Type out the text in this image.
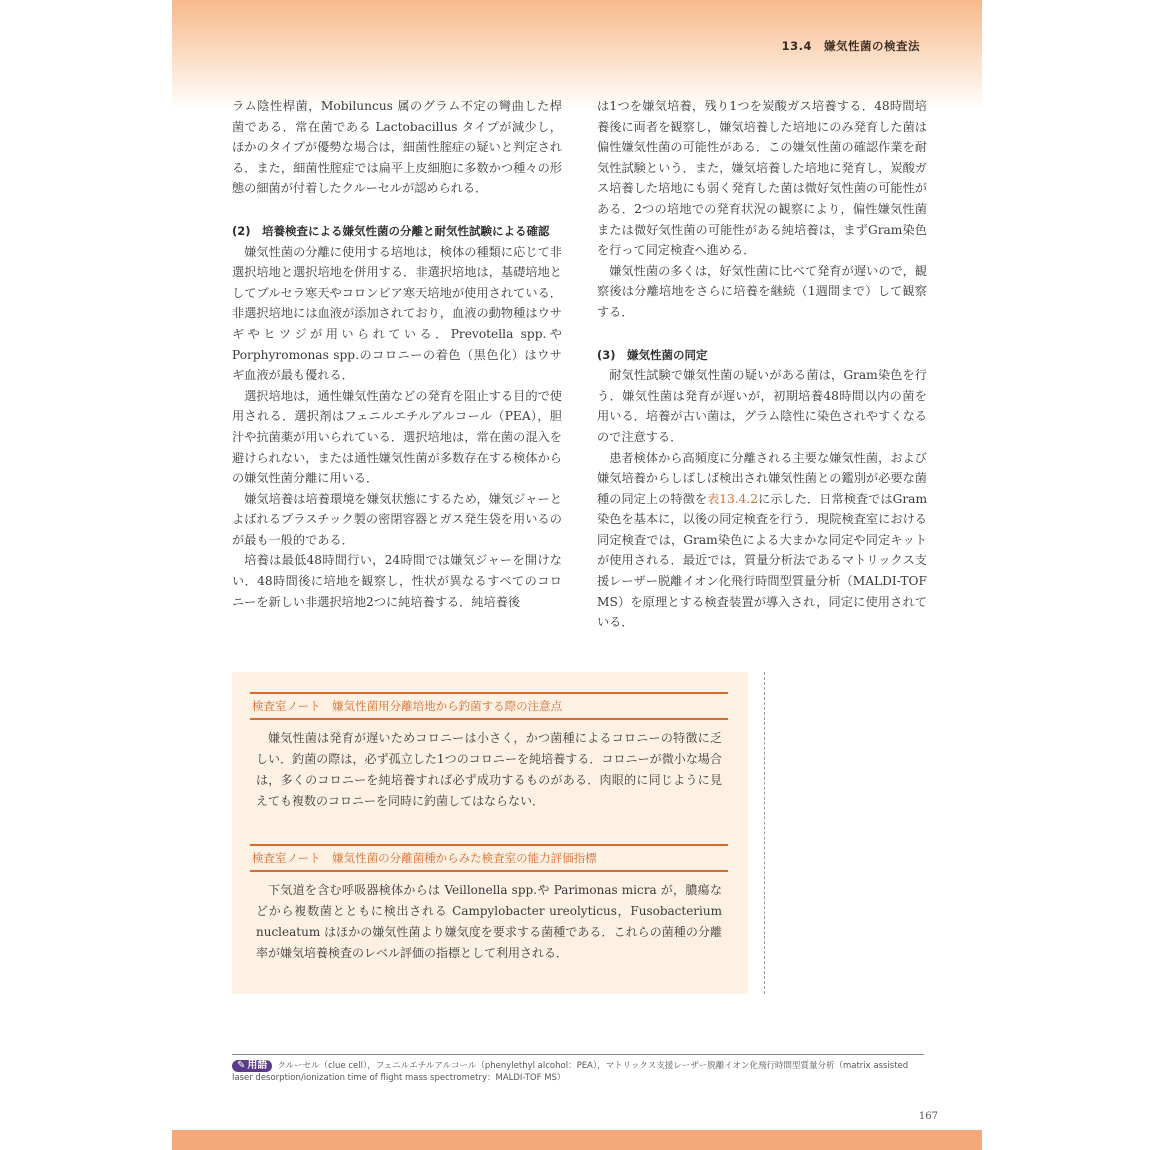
13.4　嫌気性菌の検査法

ラム陰性桿菌，Mobiluncus 属のグラム不定の彎曲した桿菌である．常在菌である Lactobacillus タイプが減少し，ほかのタイプが優勢な場合は，細菌性腟症の疑いと判定される．また，細菌性腟症では扁平上皮細胞に多数かつ種々の形態の細菌が付着したクルーセルが認められる．

(2)　培養検査による嫌気性菌の分離と耐気性試験による確認

嫌気性菌の分離に使用する培地は，検体の種類に応じて非選択培地と選択培地を併用する．非選択培地は，基礎培地としてブルセラ寒天やコロンビア寒天培地が使用されている．非選択培地には血液が添加されており，血液の動物種はウサギやヒツジが用いられている．Prevotella spp.や Porphyromonas spp.のコロニーの着色（黒色化）はウサギ血液が最も優れる．

選択培地は，通性嫌気性菌などの発育を阻止する目的で使用される．選択剤はフェニルエチルアルコール（PEA），胆汁や抗菌薬が用いられている．選択培地は，常在菌の混入を避けられない，または通性嫌気性菌が多数存在する検体からの嫌気性菌分離に用いる．

嫌気培養は培養環境を嫌気状態にするため，嫌気ジャーとよばれるプラスチック製の密閉容器とガス発生袋を用いるのが最も一般的である．

培養は最低48時間行い，24時間では嫌気ジャーを開けない．48時間後に培地を観察し，性状が異なるすべてのコロニーを新しい非選択培地2つに純培養する．純培養後

は1つを嫌気培養，残り1つを炭酸ガス培養する．48時間培養後に両者を観察し，嫌気培養した培地にのみ発育した菌は偏性嫌気性菌の可能性がある．この嫌気性菌の確認作業を耐気性試験という．また，嫌気培養した培地に発育し，炭酸ガス培養した培地にも弱く発育した菌は微好気性菌の可能性がある．2つの培地での発育状況の観察により，偏性嫌気性菌または微好気性菌の可能性がある純培養は，まずGram染色を行って同定検査へ進める．

嫌気性菌の多くは，好気性菌に比べて発育が遅いので，観察後は分離培地をさらに培養を継続（1週間まで）して観察する．

(3)　嫌気性菌の同定

耐気性試験で嫌気性菌の疑いがある菌は，Gram染色を行う．嫌気性菌は発育が遅いが，初期培養48時間以内の菌を用いる．培養が古い菌は，グラム陰性に染色されやすくなるので注意する．

患者検体から高頻度に分離される主要な嫌気性菌，および嫌気培養からしばしば検出され嫌気性菌との鑑別が必要な菌種の同定上の特徴を表13.4.2に示した．日常検査ではGram染色を基本に，以後の同定検査を行う．現院検査室における同定検査では，Gram染色による大まかな同定や同定キットが使用される．最近では，質量分析法であるマトリックス支援レーザー脱離イオン化飛行時間型質量分析（MALDI-TOF MS）を原理とする検査装置が導入され，同定に使用されている．

検査室ノート　嫌気性菌用分離培地から釣菌する際の注意点
嫌気性菌は発育が遅いためコロニーは小さく，かつ菌種によるコロニーの特徴に乏しい．釣菌の際は，必ず孤立した1つのコロニーを純培養する．コロニーが微小な場合は，多くのコロニーを純培養すれば必ず成功するものがある．肉眼的に同じように見えても複数のコロニーを同時に釣菌してはならない．
検査室ノート　嫌気性菌の分離菌種からみた検査室の能力評価指標
下気道を含む呼吸器検体からは Veillonella spp.や Parimonas micra が，膿瘍などから複数菌とともに検出される Campylobacter ureolyticus，Fusobacterium nucleatum はほかの嫌気性菌より嫌気度を要求する菌種である．これらの菌種の分離率が嫌気培養検査のレベル評価の指標として利用される．
✎ 用語 クルーセル（clue cell），フェニルエチルアルコール（phenylethyl alcohol：PEA），マトリックス支援レーザー脱離イオン化飛行時間型質量分析（matrix assisted laser desorption/ionization time of flight mass spectrometry：MALDI-TOF MS）
167
